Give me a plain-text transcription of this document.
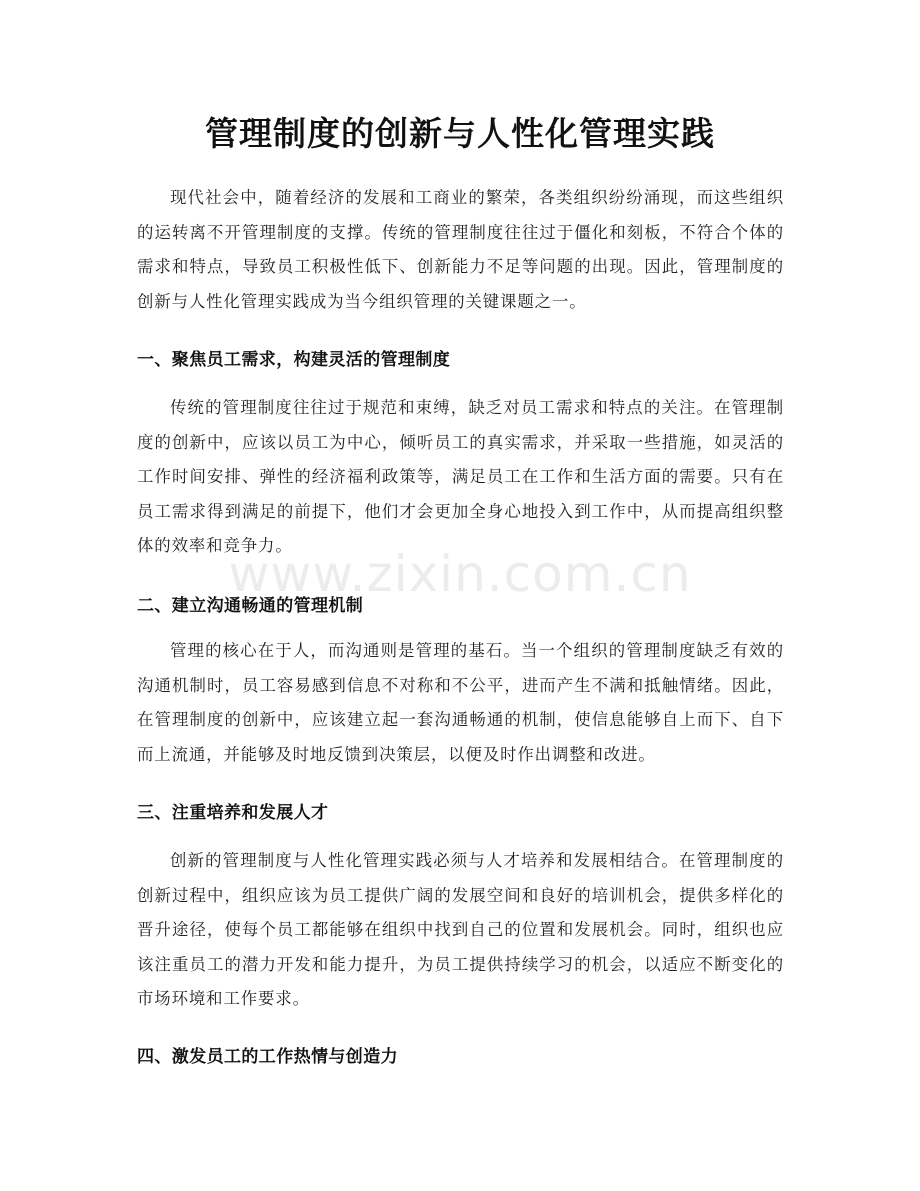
管理制度的创新与人性化管理实践

现代社会中，随着经济的发展和工商业的繁荣，各类组织纷纷涌现，而这些组织的运转离不开管理制度的支撑。传统的管理制度往往过于僵化和刻板，不符合个体的需求和特点，导致员工积极性低下、创新能力不足等问题的出现。因此，管理制度的创新与人性化管理实践成为当今组织管理的关键课题之一。

一、聚焦员工需求，构建灵活的管理制度

传统的管理制度往往过于规范和束缚，缺乏对员工需求和特点的关注。在管理制度的创新中，应该以员工为中心，倾听员工的真实需求，并采取一些措施，如灵活的工作时间安排、弹性的经济福利政策等，满足员工在工作和生活方面的需要。只有在员工需求得到满足的前提下，他们才会更加全身心地投入到工作中，从而提高组织整体的效率和竞争力。

二、建立沟通畅通的管理机制

管理的核心在于人，而沟通则是管理的基石。当一个组织的管理制度缺乏有效的沟通机制时，员工容易感到信息不对称和不公平，进而产生不满和抵触情绪。因此，在管理制度的创新中，应该建立起一套沟通畅通的机制，使信息能够自上而下、自下而上流通，并能够及时地反馈到决策层，以便及时作出调整和改进。

三、注重培养和发展人才

创新的管理制度与人性化管理实践必须与人才培养和发展相结合。在管理制度的创新过程中，组织应该为员工提供广阔的发展空间和良好的培训机会，提供多样化的晋升途径，使每个员工都能够在组织中找到自己的位置和发展机会。同时，组织也应该注重员工的潜力开发和能力提升，为员工提供持续学习的机会，以适应不断变化的市场环境和工作要求。

四、激发员工的工作热情与创造力
www.zixin.com.cn
